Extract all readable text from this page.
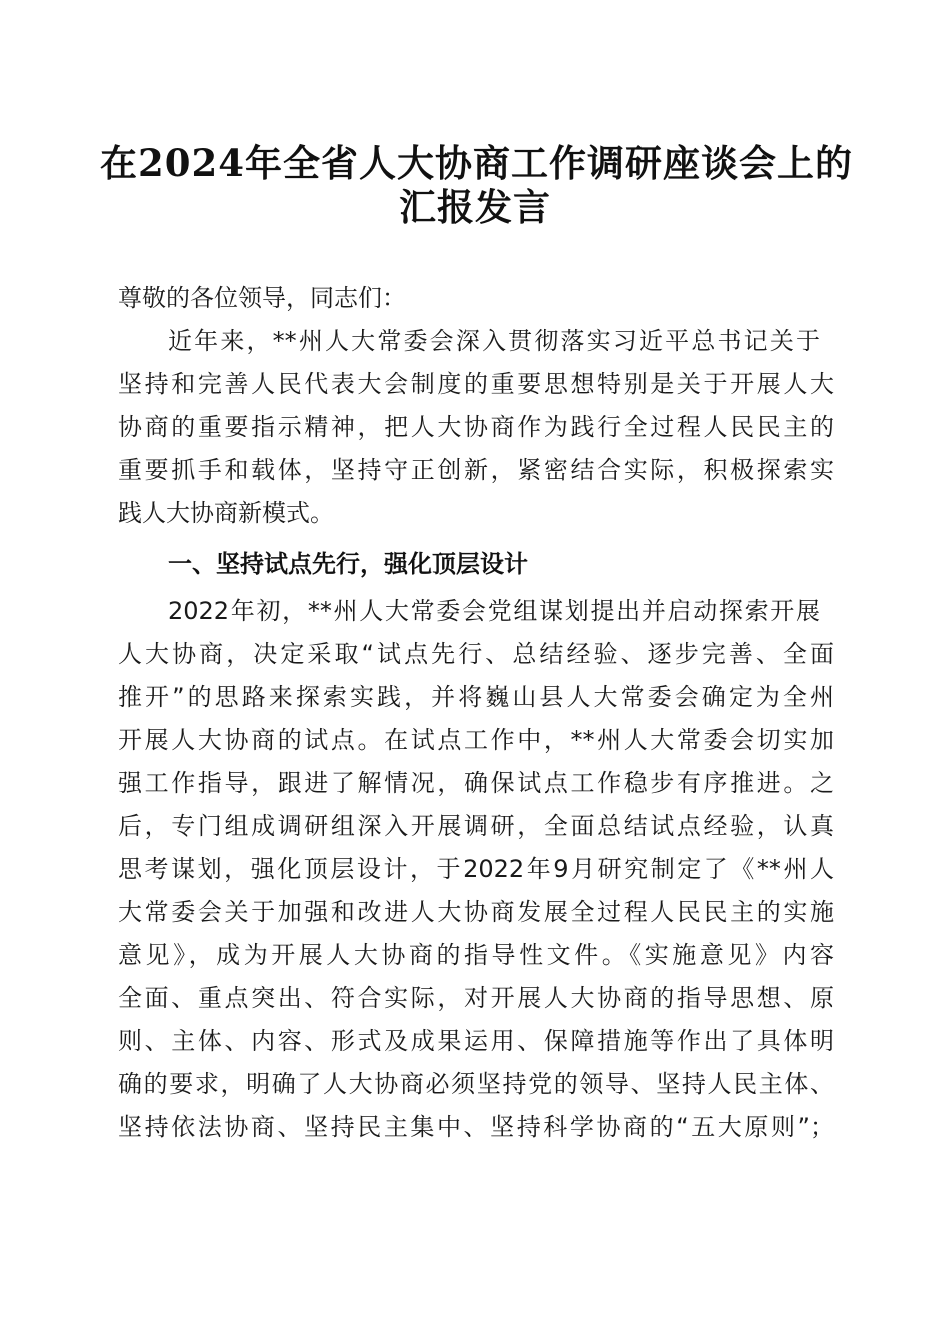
在2024年全省人大协商工作调研座谈会上的
汇报发言
尊敬的各位领导，同志们：
近年来，**州人大常委会深入贯彻落实习近平总书记关于
坚持和完善人民代表大会制度的重要思想特别是关于开展人大
协商的重要指示精神，把人大协商作为践行全过程人民民主的
重要抓手和载体，坚持守正创新，紧密结合实际，积极探索实
践人大协商新模式。
一、坚持试点先行，强化顶层设计
2022年初，**州人大常委会党组谋划提出并启动探索开展
人大协商，决定采取“试点先行、总结经验、逐步完善、全面
推开”的思路来探索实践，并将巍山县人大常委会确定为全州
开展人大协商的试点。在试点工作中，**州人大常委会切实加
强工作指导，跟进了解情况，确保试点工作稳步有序推进。之
后，专门组成调研组深入开展调研，全面总结试点经验，认真
思考谋划，强化顶层设计，于2022年9月研究制定了《**州人
大常委会关于加强和改进人大协商发展全过程人民民主的实施
意见》，成为开展人大协商的指导性文件。《实施意见》内容
全面、重点突出、符合实际，对开展人大协商的指导思想、原
则、主体、内容、形式及成果运用、保障措施等作出了具体明
确的要求，明确了人大协商必须坚持党的领导、坚持人民主体、
坚持依法协商、坚持民主集中、坚持科学协商的“五大原则”；
